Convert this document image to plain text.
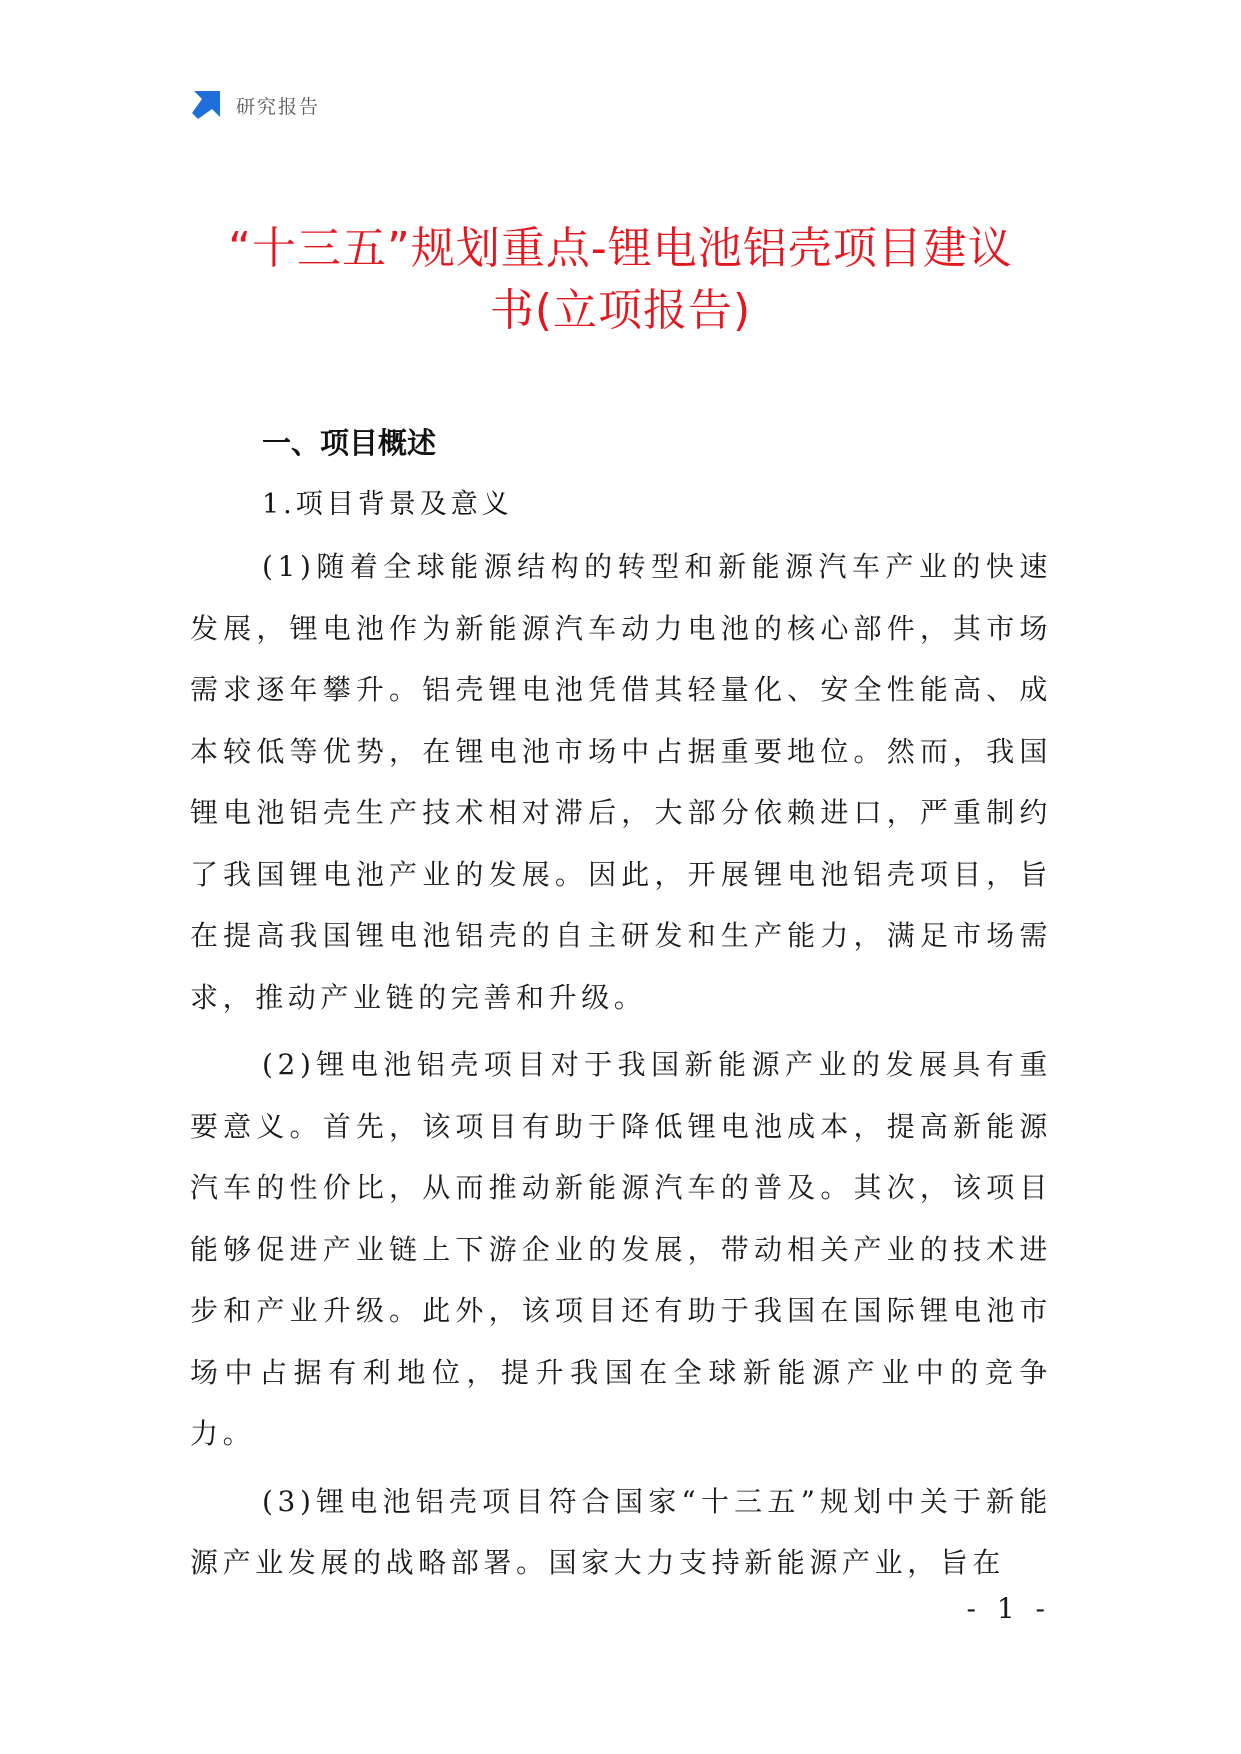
研究报告
“十三五”规划重点-锂电池铝壳项目建议
书(立项报告)
一、项目概述
1.项目背景及意义

(1)随着全球能源结构的转型和新能源汽车产业的快速发展，锂电池作为新能源汽车动力电池的核心部件，其市场需求逐年攀升。铝壳锂电池凭借其轻量化、安全性能高、成本较低等优势，在锂电池市场中占据重要地位。然而，我国锂电池铝壳生产技术相对滞后，大部分依赖进口，严重制约了我国锂电池产业的发展。因此，开展锂电池铝壳项目，旨在提高我国锂电池铝壳的自主研发和生产能力，满足市场需求，推动产业链的完善和升级。

(2)锂电池铝壳项目对于我国新能源产业的发展具有重要意义。首先，该项目有助于降低锂电池成本，提高新能源汽车的性价比，从而推动新能源汽车的普及。其次，该项目能够促进产业链上下游企业的发展，带动相关产业的技术进步和产业升级。此外，该项目还有助于我国在国际锂电池市场中占据有利地位，提升我国在全球新能源产业中的竞争力。

(3)锂电池铝壳项目符合国家“十三五”规划中关于新能源产业发展的战略部署。国家大力支持新能源产业，旨在

- 1 -
